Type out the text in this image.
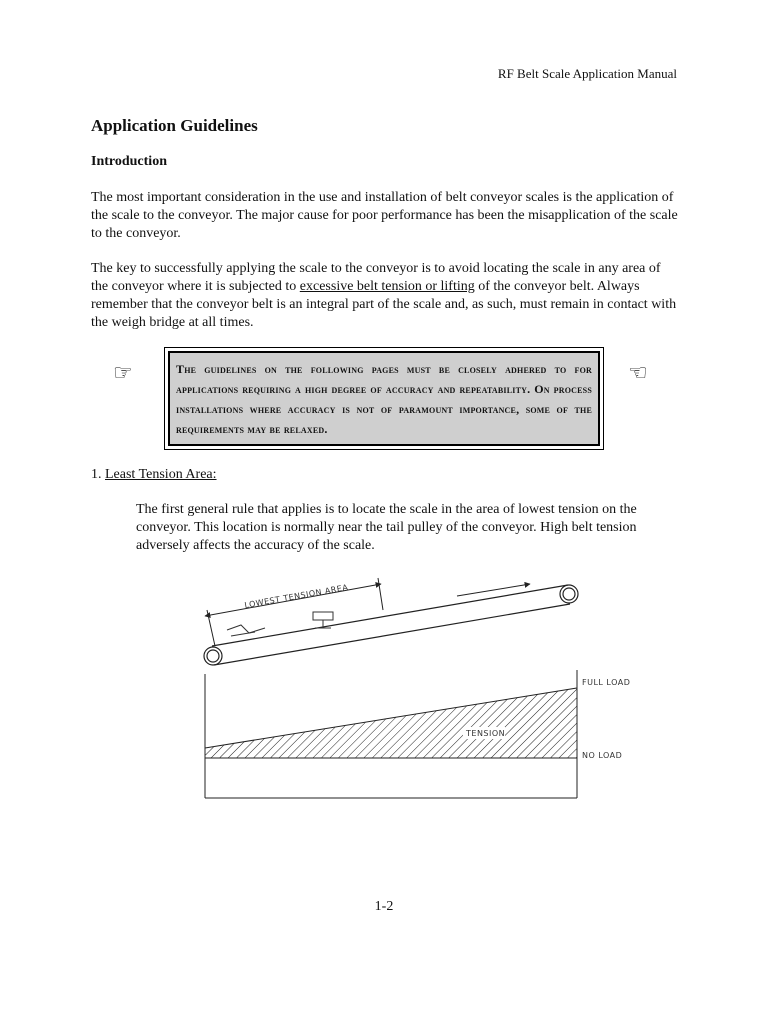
RF Belt Scale Application Manual
Application Guidelines
Introduction

The most important consideration in the use and installation of belt conveyor scales is the application of the scale to the conveyor. The major cause for poor performance has been the misapplication of the scale to the conveyor.

The key to successfully applying the scale to the conveyor is to avoid locating the scale in any area of the conveyor where it is subjected to excessive belt tension or lifting of the conveyor belt. Always remember that the conveyor belt is an integral part of the scale and, as such, must remain in contact with the weigh bridge at all times.

☞	The guidelines on the following pages must be closely adhered to for applications requiring a high degree of accuracy and repeatability. On process installations where accuracy is not of paramount importance, some of the requirements may be relaxed.
☞
1. Least Tension Area:

The first general rule that applies is to locate the scale in the area of lowest tension on the conveyor. This location is normally near the tail pulley of the conveyor. High belt tension adversely affects the accuracy of the scale.

LOWEST TENSION AREA
TENSION
FULL LOAD
NO LOAD
1-2
